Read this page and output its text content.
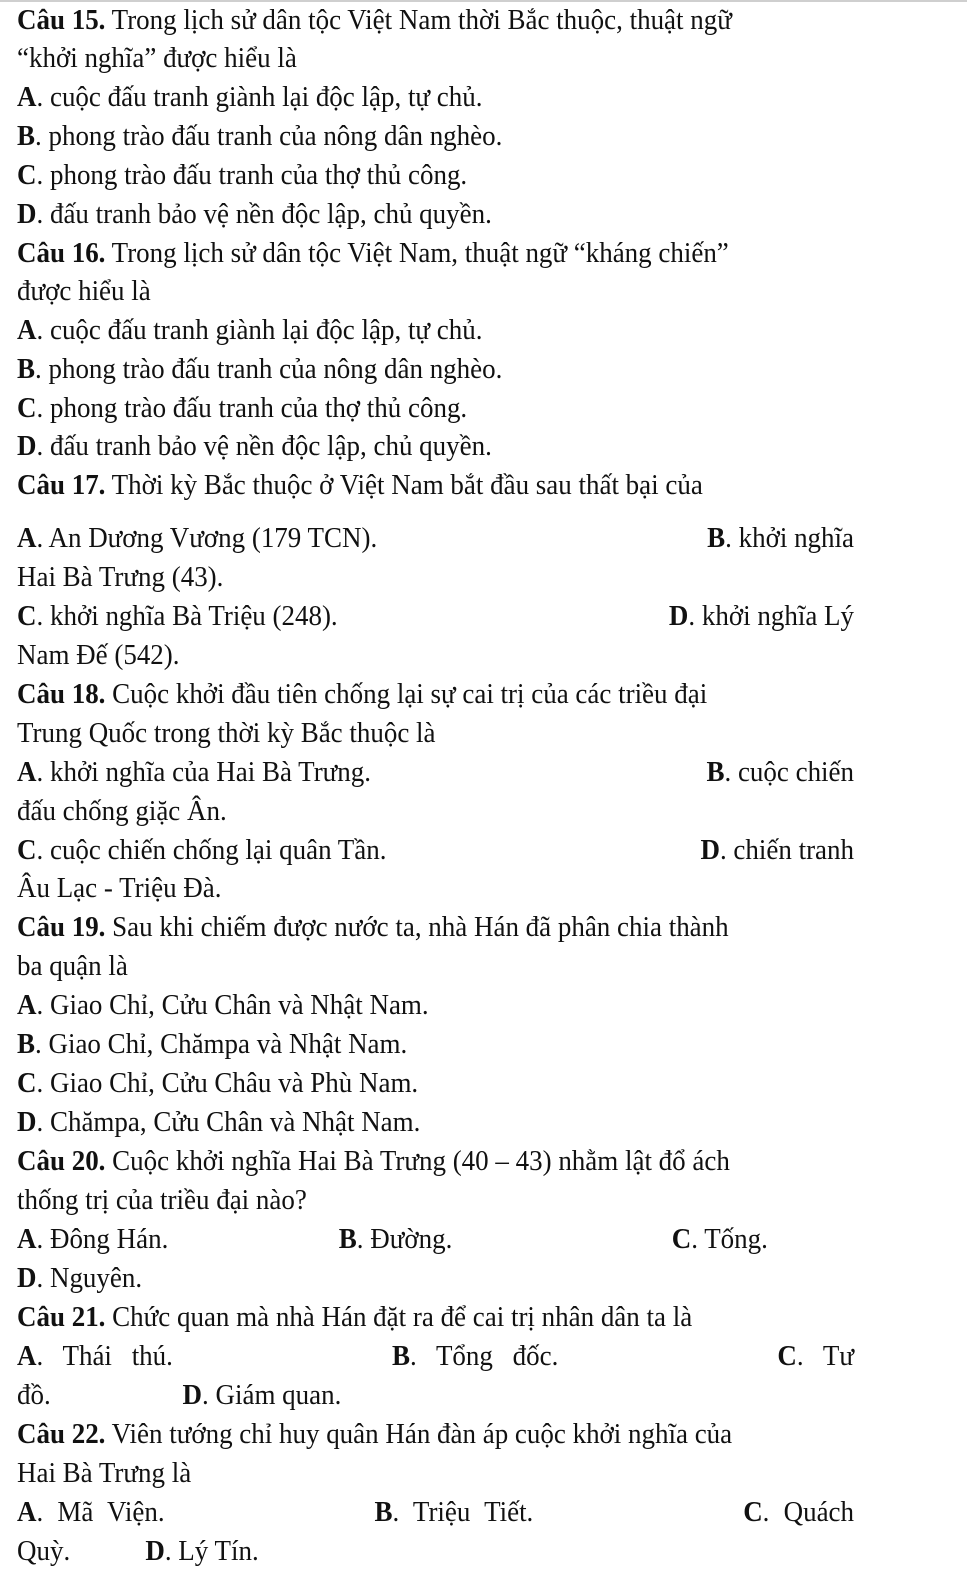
Câu 15. Trong lịch sử dân tộc Việt Nam thời Bắc thuộc, thuật ngữ
“khởi nghĩa” được hiểu là
A. cuộc đấu tranh giành lại độc lập, tự chủ.
B. phong trào đấu tranh của nông dân nghèo.
C. phong trào đấu tranh của thợ thủ công.
D. đấu tranh bảo vệ nền độc lập, chủ quyền.
Câu 16. Trong lịch sử dân tộc Việt Nam, thuật ngữ “kháng chiến”
được hiểu là
A. cuộc đấu tranh giành lại độc lập, tự chủ.
B. phong trào đấu tranh của nông dân nghèo.
C. phong trào đấu tranh của thợ thủ công.
D. đấu tranh bảo vệ nền độc lập, chủ quyền.
Câu 17. Thời kỳ Bắc thuộc ở Việt Nam bắt đầu sau thất bại của
A. An Dương Vương (179 TCN).	B. khởi nghĩa
Hai Bà Trưng (43).
C. khởi nghĩa Bà Triệu (248).	D. khởi nghĩa Lý
Nam Đế (542).
Câu 18. Cuộc khởi đầu tiên chống lại sự cai trị của các triều đại
Trung Quốc trong thời kỳ Bắc thuộc là
A. khởi nghĩa của Hai Bà Trưng.	B. cuộc chiến
đấu chống giặc Ân.
C. cuộc chiến chống lại quân Tần.	D. chiến tranh
Âu Lạc - Triệu Đà.
Câu 19. Sau khi chiếm được nước ta, nhà Hán đã phân chia thành
ba quận là
A. Giao Chỉ, Cửu Chân và Nhật Nam.
B. Giao Chỉ, Chămpa và Nhật Nam.
C. Giao Chỉ, Cửu Châu và Phù Nam.
D. Chămpa, Cửu Chân và Nhật Nam.
Câu 20. Cuộc khởi nghĩa Hai Bà Trưng (40 – 43) nhằm lật đổ ách
thống trị của triều đại nào?
A. Đông Hán.	B. Đường.	C. Tống.
D. Nguyên.
Câu 21. Chức quan mà nhà Hán đặt ra để cai trị nhân dân ta là
A. Thái thú.	B. Tổng đốc.	C. Tư
đồ.	D. Giám quan.
Câu 22. Viên tướng chỉ huy quân Hán đàn áp cuộc khởi nghĩa của
Hai Bà Trưng là
A. Mã Viện.	B. Triệu Tiết.	C. Quách
Quỳ.	D. Lý Tín.
